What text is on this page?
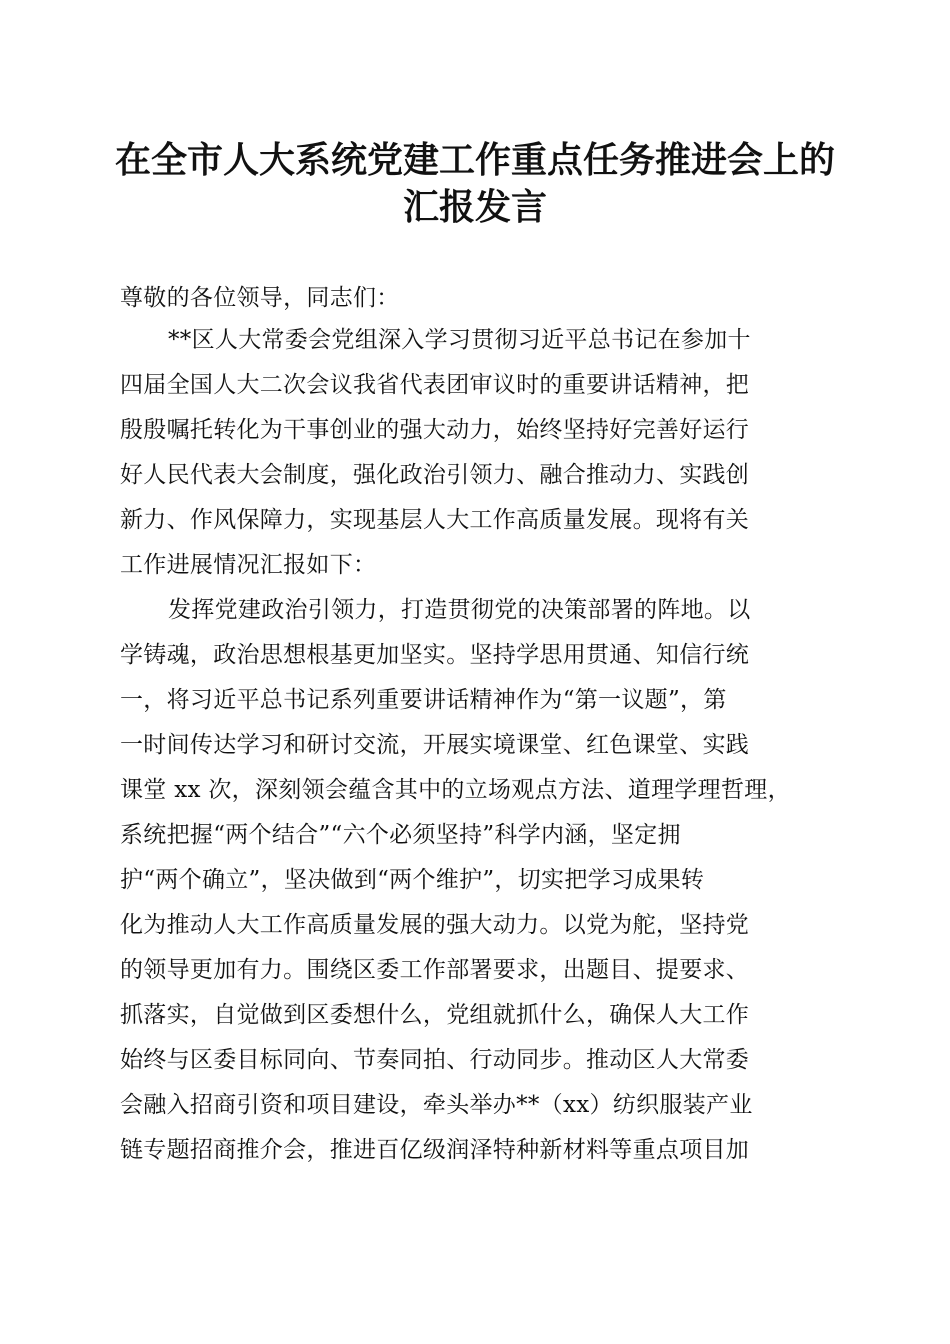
在全市人大系统党建工作重点任务推进会上的
汇报发言
尊敬的各位领导，同志们：
**区人大常委会党组深入学习贯彻习近平总书记在参加十
四届全国人大二次会议我省代表团审议时的重要讲话精神，把
殷殷嘱托转化为干事创业的强大动力，始终坚持好完善好运行
好人民代表大会制度，强化政治引领力、融合推动力、实践创
新力、作风保障力，实现基层人大工作高质量发展。现将有关
工作进展情况汇报如下：
发挥党建政治引领力，打造贯彻党的决策部署的阵地。以
学铸魂，政治思想根基更加坚实。坚持学思用贯通、知信行统
一，将习近平总书记系列重要讲话精神作为“第一议题”，第
一时间传达学习和研讨交流，开展实境课堂、红色课堂、实践
课堂 xx 次，深刻领会蕴含其中的立场观点方法、道理学理哲理，
系统把握“两个结合”“六个必须坚持”科学内涵，坚定拥
护“两个确立”，坚决做到“两个维护”，切实把学习成果转
化为推动人大工作高质量发展的强大动力。以党为舵，坚持党
的领导更加有力。围绕区委工作部署要求，出题目、提要求、
抓落实，自觉做到区委想什么，党组就抓什么，确保人大工作
始终与区委目标同向、节奏同拍、行动同步。推动区人大常委
会融入招商引资和项目建设，牵头举办**（xx）纺织服装产业
链专题招商推介会，推进百亿级润泽特种新材料等重点项目加
